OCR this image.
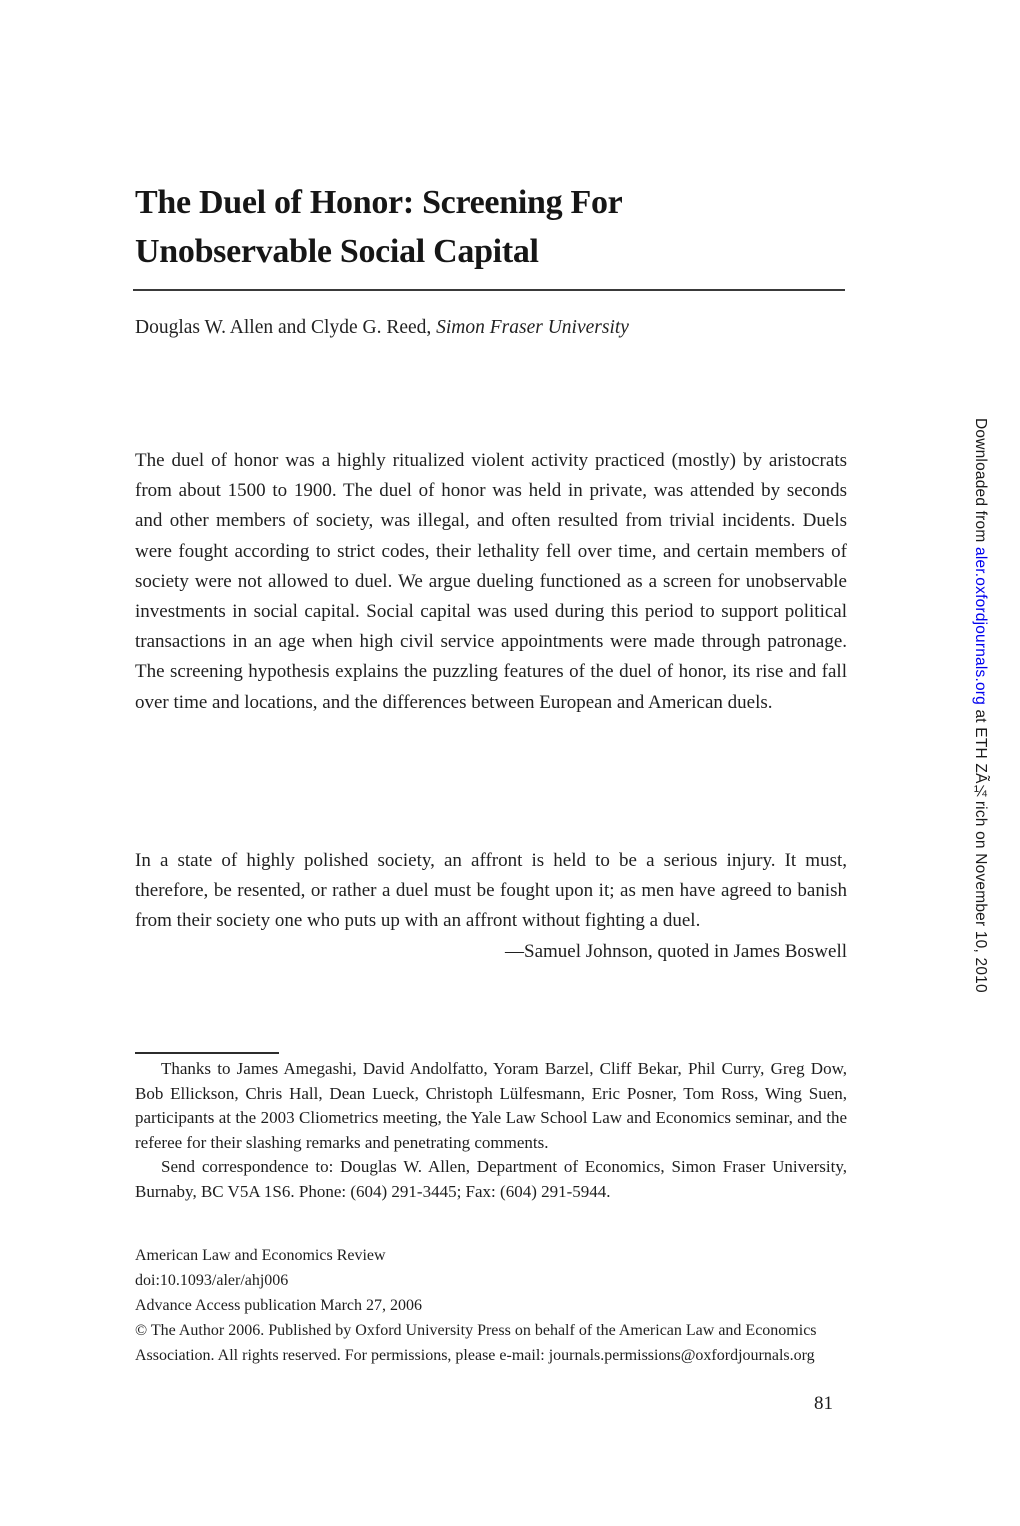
The Duel of Honor: Screening For
Unobservable Social Capital
Douglas W. Allen and Clyde G. Reed, Simon Fraser University
The duel of honor was a highly ritualized violent activity practiced (mostly) by aristocrats from about 1500 to 1900. The duel of honor was held in private, was attended by seconds and other members of society, was illegal, and often resulted from trivial incidents. Duels were fought according to strict codes, their lethality fell over time, and certain members of society were not allowed to duel. We argue dueling functioned as a screen for unobservable investments in social capital. Social capital was used during this period to support political transactions in an age when high civil service appointments were made through patronage. The screening hypothesis explains the puzzling features of the duel of honor, its rise and fall over time and locations, and the differences between European and American duels.
In a state of highly polished society, an affront is held to be a serious injury. It must, therefore, be resented, or rather a duel must be fought upon it; as men have agreed to banish from their society one who puts up with an affront without fighting a duel.
—Samuel Johnson, quoted in James Boswell

Thanks to James Amegashi, David Andolfatto, Yoram Barzel, Cliff Bekar, Phil Curry, Greg Dow, Bob Ellickson, Chris Hall, Dean Lueck, Christoph Lülfesmann, Eric Posner, Tom Ross, Wing Suen, participants at the 2003 Cliometrics meeting, the Yale Law School Law and Economics seminar, and the referee for their slashing remarks and penetrating comments.

Send correspondence to: Douglas W. Allen, Department of Economics, Simon Fraser University, Burnaby, BC V5A 1S6. Phone: (604) 291-3445; Fax: (604) 291-5944.

American Law and Economics Review
doi:10.1093/aler/ahj006
Advance Access publication March 27, 2006
© The Author 2006. Published by Oxford University Press on behalf of the American Law and Economics
Association. All rights reserved. For permissions, please e-mail: journals.permissions@oxfordjournals.org
81
Downloaded from aler.oxfordjournals.org at ETH ZÃ¼rich on November 10, 2010
